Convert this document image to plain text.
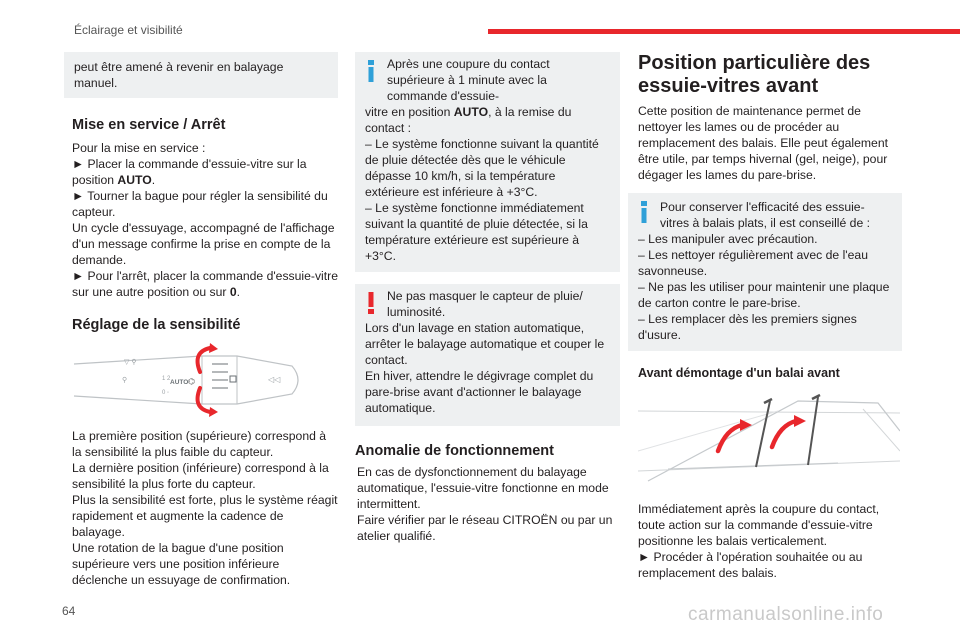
Éclairage et visibilité

peut être amené à revenir en balayage manuel.

Mise en service / Arrêt

Pour la mise en service :

► Placer la commande d'essuie-vitre sur la position AUTO.

► Tourner la bague pour régler la sensibilité du capteur.

Un cycle d'essuyage, accompagné de l'affichage d'un message confirme la prise en compte de la demande.

► Pour l'arrêt, placer la commande d'essuie-vitre sur une autre position ou sur 0.

Réglage de la sensibilité
▽ ⚲
⚲	1 2 AUTO
0 ◦
◁◁
⌬

La première position (supérieure) correspond à la sensibilité la plus faible du capteur.
La dernière position (inférieure) correspond à la sensibilité la plus forte du capteur.
Plus la sensibilité est forte, plus le système réagit rapidement et augmente la cadence de balayage.
Une rotation de la bague d'une position supérieure vers une position inférieure déclenche un essuyage de confirmation.

Après une coupure du contact supérieure à 1 minute avec la commande d'essuie-

vitre en position AUTO, à la remise du contact :

– Le système fonctionne suivant la quantité de pluie détectée dès que le véhicule dépasse 10 km/h, si la température extérieure est inférieure à +3°C.

– Le système fonctionne immédiatement suivant la quantité de pluie détectée, si la température extérieure est supérieure à +3°C.

Ne pas masquer le capteur de pluie/ luminosité.

Lors d'un lavage en station automatique, arrêter le balayage automatique et couper le contact.
En hiver, attendre le dégivrage complet du pare-brise avant d'actionner le balayage automatique.

Anomalie de fonctionnement

En cas de dysfonctionnement du balayage automatique, l'essuie-vitre fonctionne en mode intermittent.
Faire vérifier par le réseau CITROËN ou par un atelier qualifié.

Position particulière des essuie-vitres avant

Cette position de maintenance permet de nettoyer les lames ou de procéder au remplacement des balais. Elle peut également être utile, par temps hivernal (gel, neige), pour dégager les lames du pare-brise.

Pour conserver l'efficacité des essuie-vitres à balais plats, il est conseillé de :

– Les manipuler avec précaution.

– Les nettoyer régulièrement avec de l'eau savonneuse.

– Ne pas les utiliser pour maintenir une plaque de carton contre le pare-brise.

– Les remplacer dès les premiers signes d'usure.

Avant démontage d'un balai avant

Immédiatement après la coupure du contact, toute action sur la commande d'essuie-vitre positionne les balais verticalement.
► Procéder à l'opération souhaitée ou au remplacement des balais.

64	carmanualsonline.info
